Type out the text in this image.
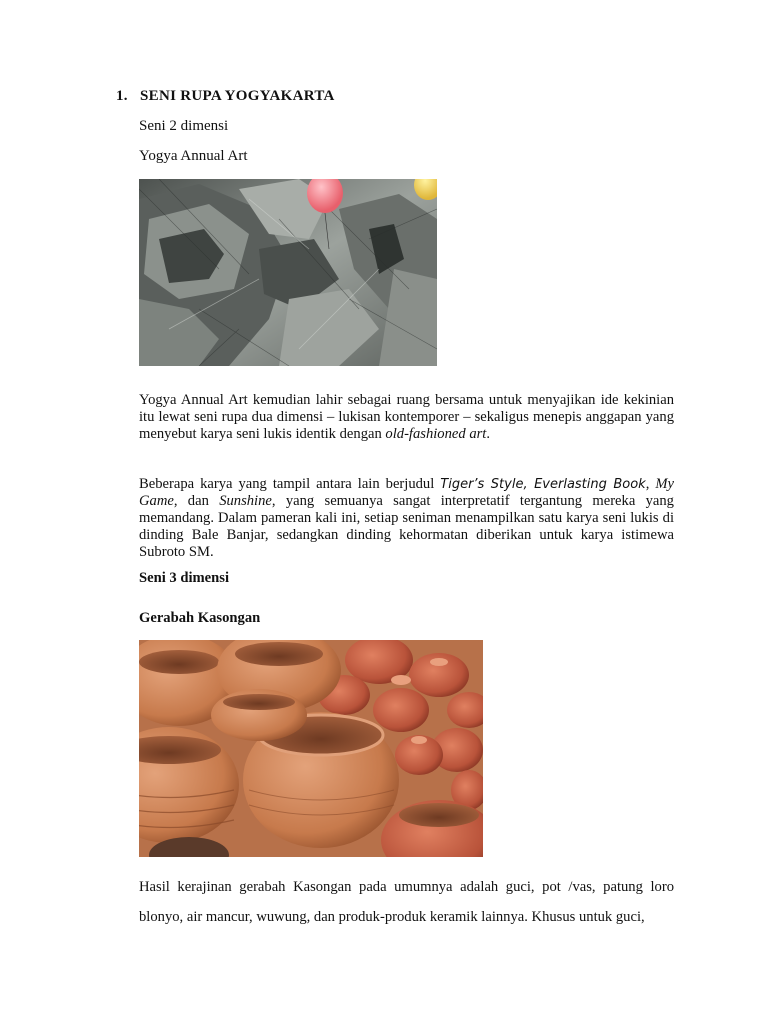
1. SENI RUPA YOGYAKARTA
Seni 2 dimensi
Yogya Annual Art

Yogya Annual Art kemudian lahir sebagai ruang bersama untuk menyajikan ide kekinian itu lewat seni rupa dua dimensi – lukisan kontemporer – sekaligus menepis anggapan yang menyebut karya seni lukis identik dengan old-fashioned art.

Beberapa karya yang tampil antara lain berjudul Tiger’s Style, Everlasting Book, My Game, dan Sunshine, yang semuanya sangat interpretatif tergantung mereka yang memandang. Dalam pameran kali ini, setiap seniman menampilkan satu karya seni lukis di dinding Bale Banjar, sedangkan dinding kehormatan diberikan untuk karya istimewa Subroto SM.

Seni 3 dimensi
Gerabah Kasongan

Hasil kerajinan gerabah Kasongan pada umumnya adalah guci, pot /vas, patung loro blonyo, air mancur, wuwung, dan produk-produk keramik lainnya. Khusus untuk guci,
